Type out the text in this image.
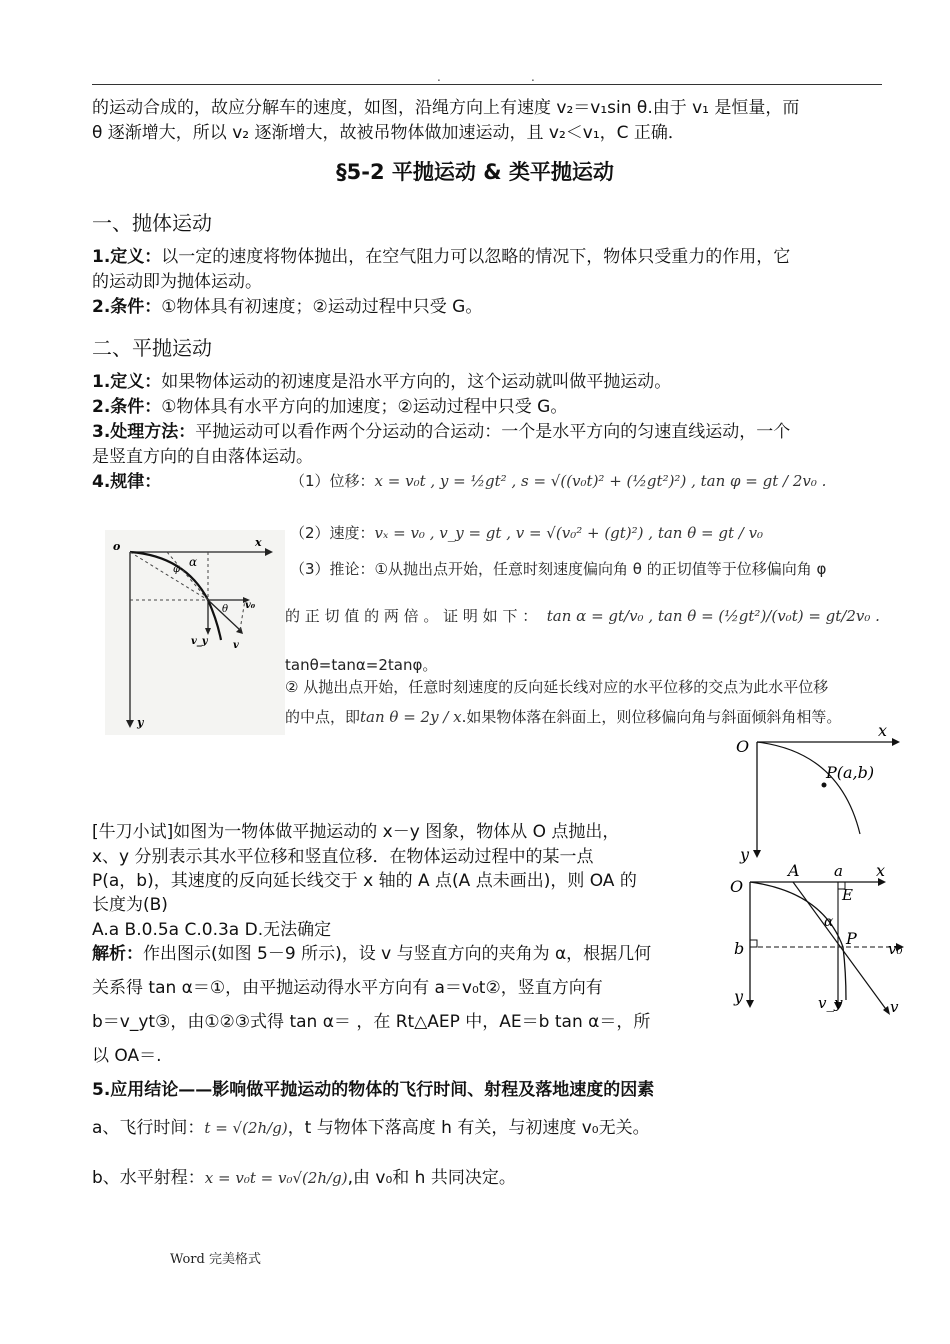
.	.
的运动合成的，故应分解车的速度，如图，沿绳方向上有速度 v₂＝v₁sin θ.由于 v₁ 是恒量，而
θ 逐渐增大，所以 v₂ 逐渐增大，故被吊物体做加速运动，且 v₂＜v₁，C 正确．
§5-2 平抛运动 & 类平抛运动
一、抛体运动
1.定义：以一定的速度将物体抛出，在空气阻力可以忽略的情况下，物体只受重力的作用，它
的运动即为抛体运动。
2.条件：①物体具有初速度；②运动过程中只受 G。
二、平抛运动
1.定义：如果物体运动的初速度是沿水平方向的，这个运动就叫做平抛运动。
2.条件：①物体具有水平方向的加速度；②运动过程中只受 G。
3.处理方法：平抛运动可以看作两个分运动的合运动：一个是水平方向的匀速直线运动，一个
是竖直方向的自由落体运动。
4.规律：	（1）位移：x = v₀t , y = ½gt² , s = √((v₀t)² + (½gt²)²) , tan φ = gt / 2v₀ .
（2）速度：vₓ = v₀ , v_y = gt , v = √(v₀² + (gt)²) , tan θ = gt / v₀
（3）推论：①从抛出点开始，任意时刻速度偏向角 θ 的正切值等于位移偏向角 φ
的 正 切 值 的 两 倍 。 证 明 如 下 ： tan α = gt/v₀ , tan θ = (½gt²)/(v₀t) = gt/2v₀ .
tanθ=tanα=2tanφ。
② 从抛出点开始，任意时刻速度的反向延长线对应的水平位移的交点为此水平位移
的中点，即tan θ = 2y / x.如果物体落在斜面上，则位移偏向角与斜面倾斜角相等。
o	x
y
α
φ
θ v₀
v_y	v
O
x
y
P(a,b)
O
A a x
E
α
P
b	v₀
y	v_y	v
[牛刀小试]如图为一物体做平抛运动的 x－y 图象，物体从 O 点抛出，
x、y 分别表示其水平位移和竖直位移．在物体运动过程中的某一点
P(a，b)，其速度的反向延长线交于 x 轴的 A 点(A 点未画出)，则 OA 的
长度为(B)
A.a B.0.5a C.0.3a D.无法确定
解析：作出图示(如图 5－9 所示)，设 v 与竖直方向的夹角为 α，根据几何
关系得 tan α＝①，由平抛运动得水平方向有 a＝v₀t②，竖直方向有
b＝v_yt③，由①②③式得 tan α＝ ，在 Rt△AEP 中，AE＝b tan α＝，所
以 OA＝.
5.应用结论——影响做平抛运动的物体的飞行时间、射程及落地速度的因素
a、飞行时间：t = √(2h/g)，t 与物体下落高度 h 有关，与初速度 v₀无关。
b、水平射程：x = v₀t = v₀√(2h/g),由 v₀和 h 共同决定。
Word 完美格式
